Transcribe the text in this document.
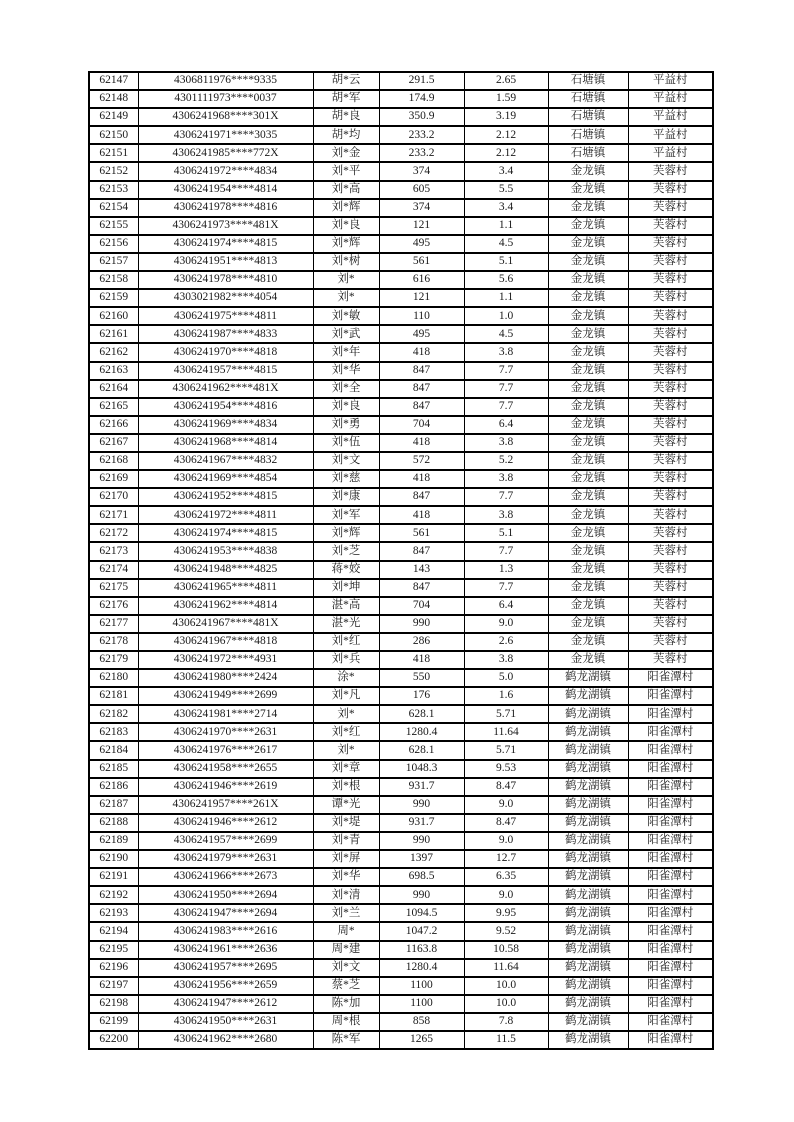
62147	4306811976****9335	胡*云	291.5	2.65	石塘镇	平益村
62148	4301111973****0037	胡*军	174.9	1.59	石塘镇	平益村
62149	4306241968****301X	胡*良	350.9	3.19	石塘镇	平益村
62150	4306241971****3035	胡*均	233.2	2.12	石塘镇	平益村
62151	4306241985****772X	刘*金	233.2	2.12	石塘镇	平益村
62152	4306241972****4834	刘*平	374	3.4	金龙镇	芙蓉村
62153	4306241954****4814	刘*高	605	5.5	金龙镇	芙蓉村
62154	4306241978****4816	刘*辉	374	3.4	金龙镇	芙蓉村
62155	4306241973****481X	刘*良	121	1.1	金龙镇	芙蓉村
62156	4306241974****4815	刘*辉	495	4.5	金龙镇	芙蓉村
62157	4306241951****4813	刘*树	561	5.1	金龙镇	芙蓉村
62158	4306241978****4810	刘*	616	5.6	金龙镇	芙蓉村
62159	4303021982****4054	刘*	121	1.1	金龙镇	芙蓉村
62160	4306241975****4811	刘*敏	110	1.0	金龙镇	芙蓉村
62161	4306241987****4833	刘*武	495	4.5	金龙镇	芙蓉村
62162	4306241970****4818	刘*年	418	3.8	金龙镇	芙蓉村
62163	4306241957****4815	刘*华	847	7.7	金龙镇	芙蓉村
62164	4306241962****481X	刘*全	847	7.7	金龙镇	芙蓉村
62165	4306241954****4816	刘*良	847	7.7	金龙镇	芙蓉村
62166	4306241969****4834	刘*勇	704	6.4	金龙镇	芙蓉村
62167	4306241968****4814	刘*伍	418	3.8	金龙镇	芙蓉村
62168	4306241967****4832	刘*文	572	5.2	金龙镇	芙蓉村
62169	4306241969****4854	刘*慈	418	3.8	金龙镇	芙蓉村
62170	4306241952****4815	刘*康	847	7.7	金龙镇	芙蓉村
62171	4306241972****4811	刘*军	418	3.8	金龙镇	芙蓉村
62172	4306241974****4815	刘*辉	561	5.1	金龙镇	芙蓉村
62173	4306241953****4838	刘*芝	847	7.7	金龙镇	芙蓉村
62174	4306241948****4825	蒋*姣	143	1.3	金龙镇	芙蓉村
62175	4306241965****4811	刘*坤	847	7.7	金龙镇	芙蓉村
62176	4306241962****4814	湛*高	704	6.4	金龙镇	芙蓉村
62177	4306241967****481X	湛*光	990	9.0	金龙镇	芙蓉村
62178	4306241967****4818	刘*红	286	2.6	金龙镇	芙蓉村
62179	4306241972****4931	刘*兵	418	3.8	金龙镇	芙蓉村
62180	4306241980****2424	涂*	550	5.0	鹤龙湖镇	阳雀潭村
62181	4306241949****2699	刘*凡	176	1.6	鹤龙湖镇	阳雀潭村
62182	4306241981****2714	刘*	628.1	5.71	鹤龙湖镇	阳雀潭村
62183	4306241970****2631	刘*红	1280.4	11.64	鹤龙湖镇	阳雀潭村
62184	4306241976****2617	刘*	628.1	5.71	鹤龙湖镇	阳雀潭村
62185	4306241958****2655	刘*章	1048.3	9.53	鹤龙湖镇	阳雀潭村
62186	4306241946****2619	刘*根	931.7	8.47	鹤龙湖镇	阳雀潭村
62187	4306241957****261X	谭*光	990	9.0	鹤龙湖镇	阳雀潭村
62188	4306241946****2612	刘*堤	931.7	8.47	鹤龙湖镇	阳雀潭村
62189	4306241957****2699	刘*青	990	9.0	鹤龙湖镇	阳雀潭村
62190	4306241979****2631	刘*屏	1397	12.7	鹤龙湖镇	阳雀潭村
62191	4306241966****2673	刘*华	698.5	6.35	鹤龙湖镇	阳雀潭村
62192	4306241950****2694	刘*清	990	9.0	鹤龙湖镇	阳雀潭村
62193	4306241947****2694	刘*兰	1094.5	9.95	鹤龙湖镇	阳雀潭村
62194	4306241983****2616	周*	1047.2	9.52	鹤龙湖镇	阳雀潭村
62195	4306241961****2636	周*建	1163.8	10.58	鹤龙湖镇	阳雀潭村
62196	4306241957****2695	刘*文	1280.4	11.64	鹤龙湖镇	阳雀潭村
62197	4306241956****2659	蔡*芝	1100	10.0	鹤龙湖镇	阳雀潭村
62198	4306241947****2612	陈*加	1100	10.0	鹤龙湖镇	阳雀潭村
62199	4306241950****2631	周*根	858	7.8	鹤龙湖镇	阳雀潭村
62200	4306241962****2680	陈*军	1265	11.5	鹤龙湖镇	阳雀潭村
